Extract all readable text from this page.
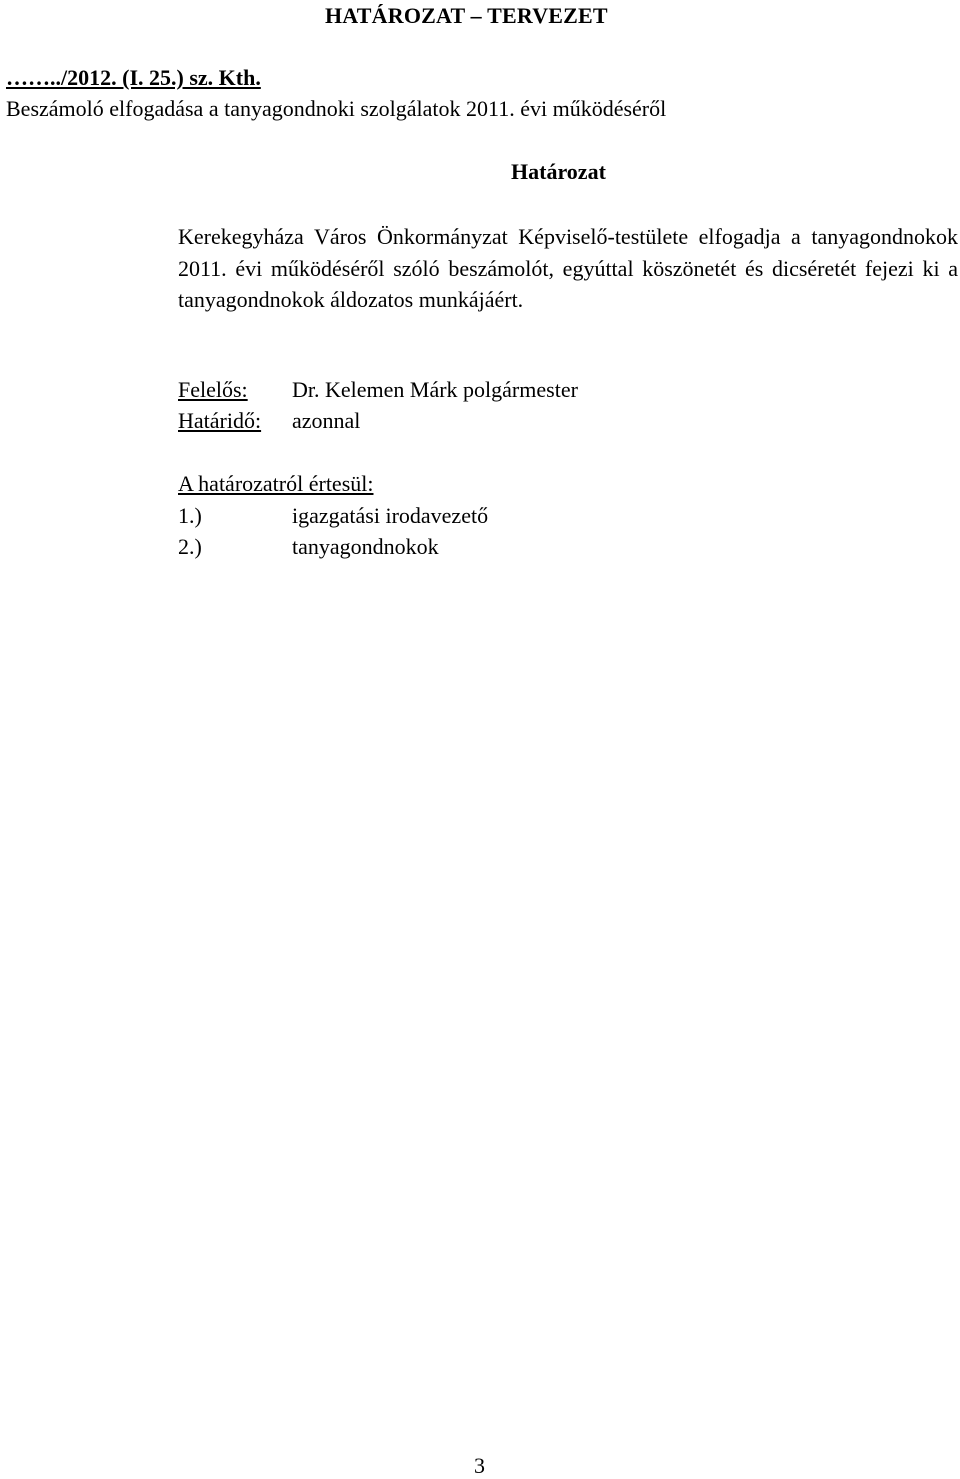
HATÁROZAT – TERVEZET
……../2012. (I. 25.) sz. Kth.
Beszámoló elfogadása a tanyagondnoki szolgálatok 2011. évi működéséről
Határozat
Kerekegyháza Város Önkormányzat Képviselő-testülete elfogadja a tanyagondnokok 2011. évi működéséről szóló beszámolót, egyúttal köszönetét és dicséretét fejezi ki a tanyagondnokok áldozatos munkájáért.
Felelős: Dr. Kelemen Márk polgármester
Határidő: azonnal
A határozatról értesül:
1.)	igazgatási irodavezető
2.)	tanyagondnokok
3
